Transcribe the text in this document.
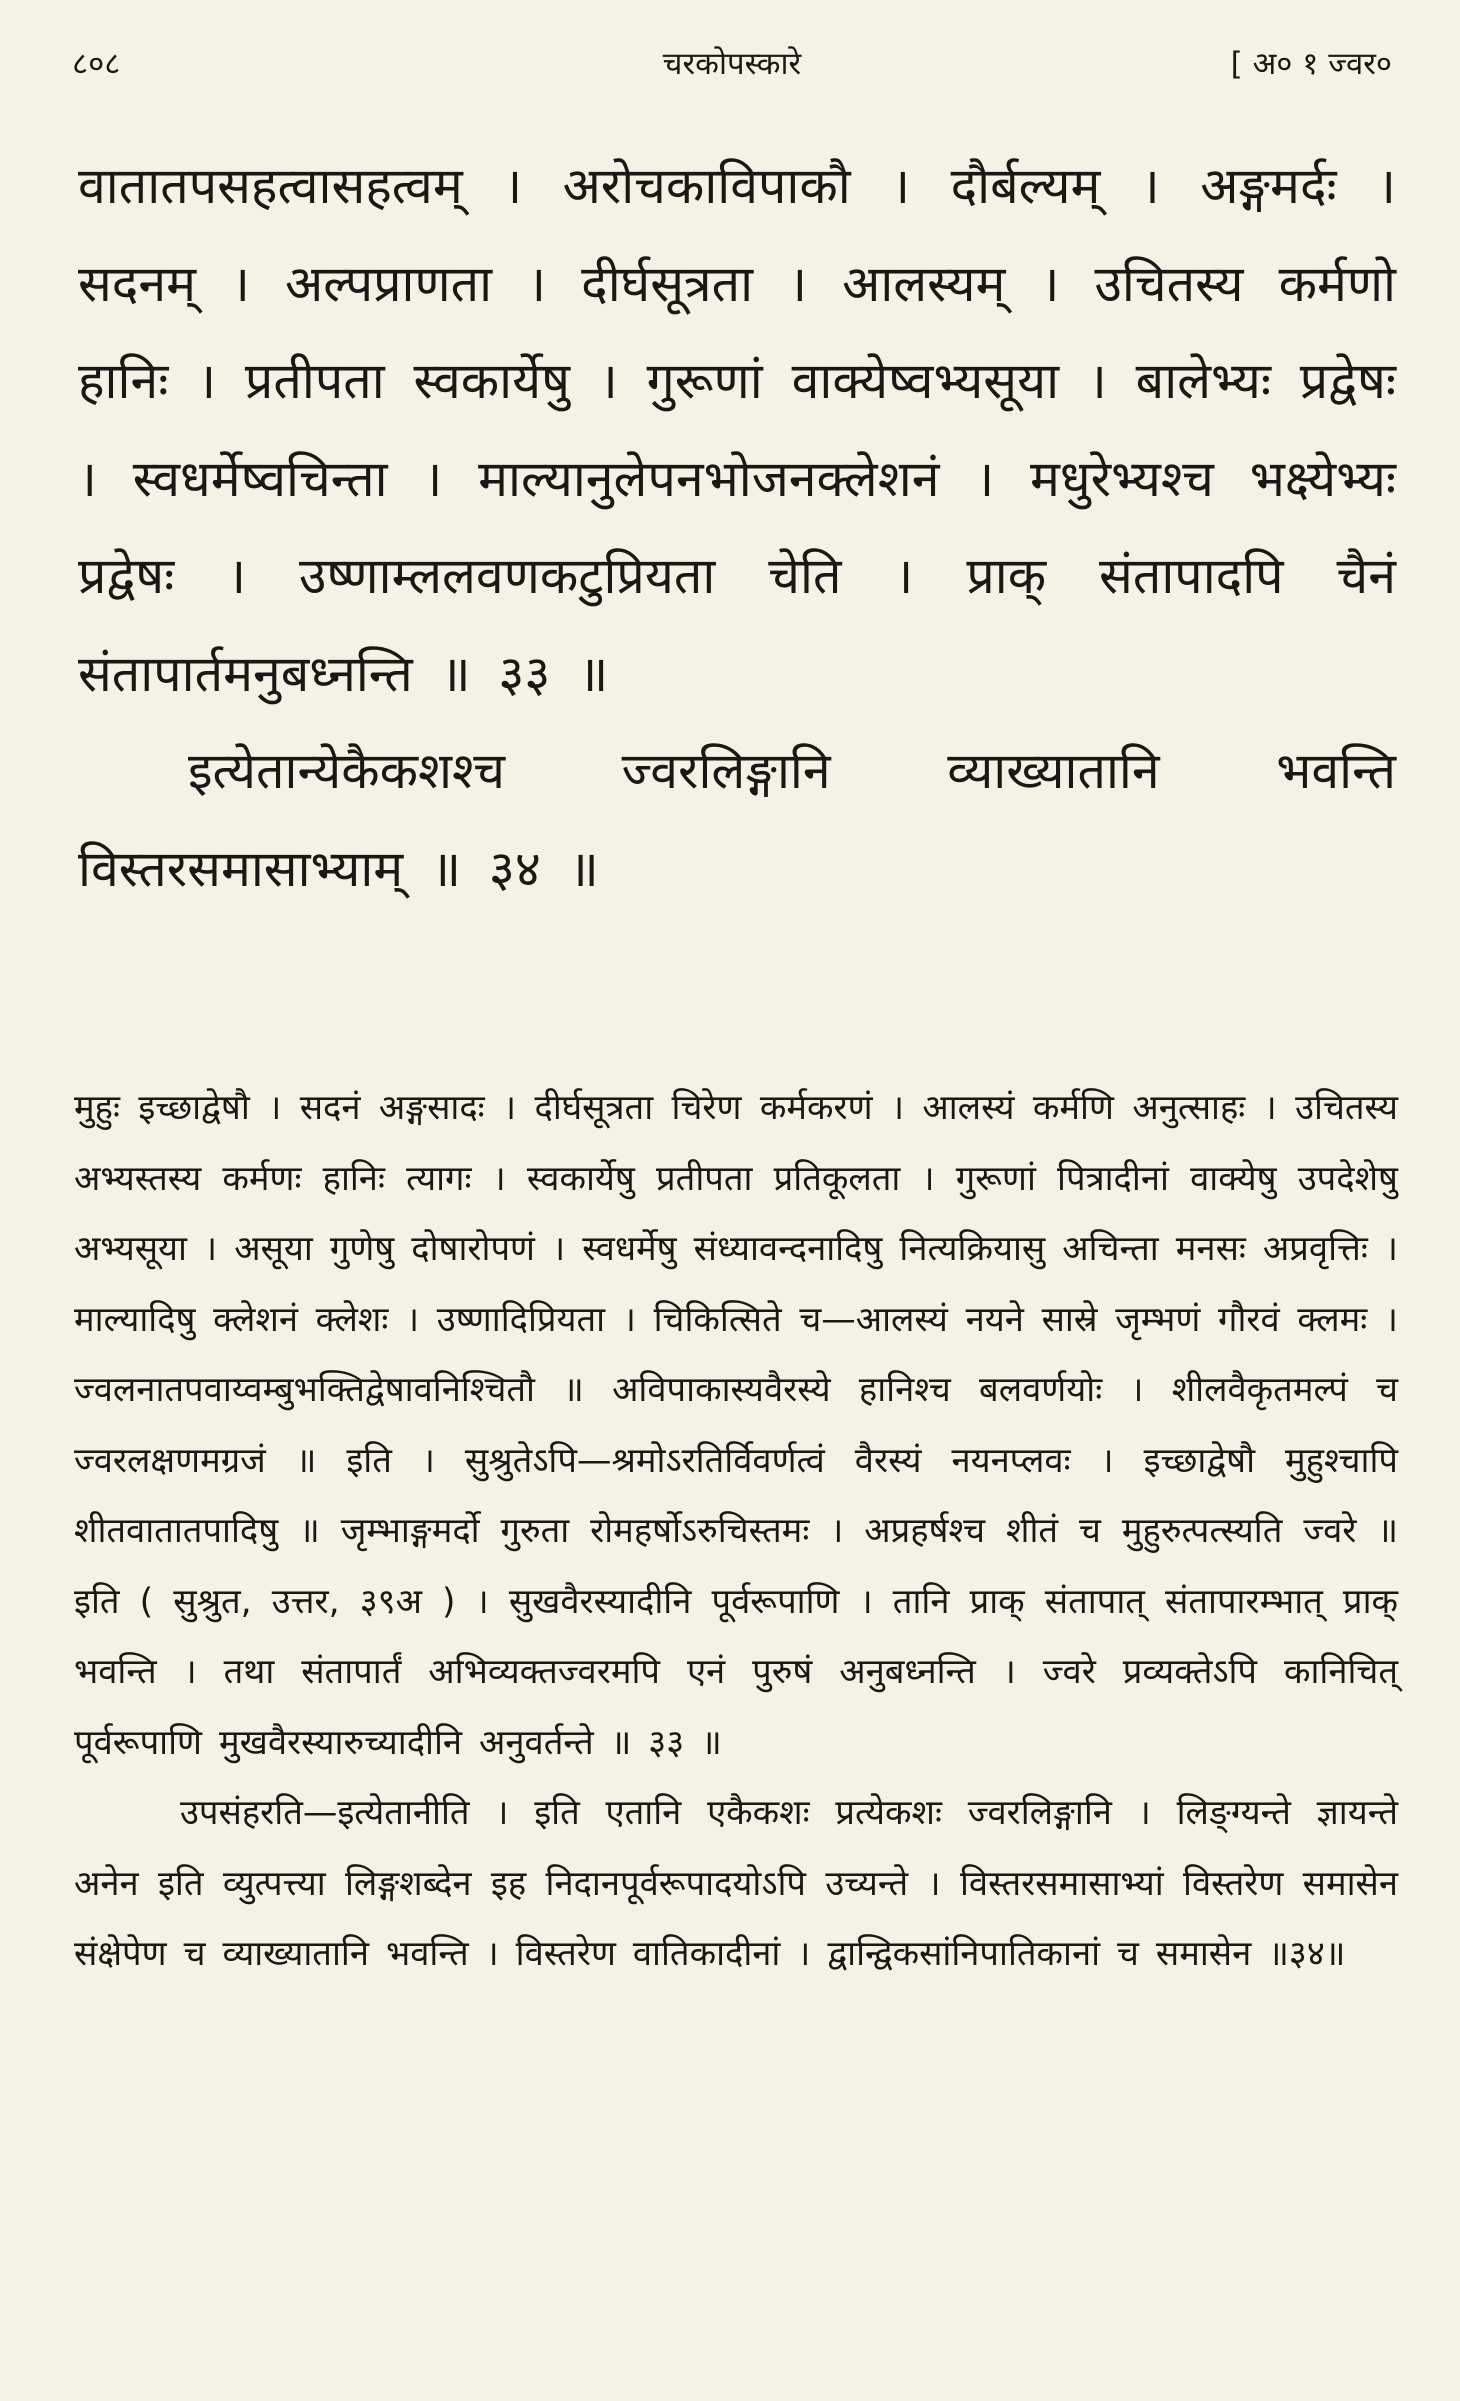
८०८	चरकोपस्कारे	[ अ० १ ज्वर०

वातातपसहत्वासहत्वम् । अरोचकाविपाकौ । दौर्बल्यम् । अङ्गमर्दः । सदनम् । अल्पप्राणता । दीर्घसूत्रता । आलस्यम् । उचितस्य कर्मणो हानिः । प्रतीपता स्वकार्येषु । गुरूणां वाक्येष्वभ्यसूया । बालेभ्यः प्रद्वेषः । स्वधर्मेष्वचिन्ता । माल्यानुलेपनभोजनक्लेशनं । मधुरेभ्यश्च भक्ष्येभ्यः प्रद्वेषः । उष्णाम्ललवणकटुप्रियता चेति । प्राक् संतापादपि चैनं संतापार्तमनुबध्नन्ति ॥ ३३ ॥

इत्येतान्येकैकशश्च ज्वरलिङ्गानि व्याख्यातानि भवन्ति विस्तरसमासाभ्याम् ॥ ३४ ॥

मुहुः इच्छाद्वेषौ । सदनं अङ्गसादः । दीर्घसूत्रता चिरेण कर्मकरणं । आलस्यं कर्मणि अनुत्साहः । उचितस्य अभ्यस्तस्य कर्मणः हानिः त्यागः । स्वकार्येषु प्रतीपता प्रतिकूलता । गुरूणां पित्रादीनां वाक्येषु उपदेशेषु अभ्यसूया । असूया गुणेषु दोषारोपणं । स्वधर्मेषु संध्यावन्दनादिषु नित्यक्रियासु अचिन्ता मनसः अप्रवृत्तिः । माल्यादिषु क्लेशनं क्लेशः । उष्णादिप्रियता । चिकित्सिते च—आलस्यं नयने सास्रे जृम्भणं गौरवं क्लमः । ज्वलनातपवाय्वम्बुभक्तिद्वेषावनिश्चितौ ॥ अविपाकास्यवैरस्ये हानिश्च बलवर्णयोः । शीलवैकृतमल्पं च ज्वरलक्षणमग्रजं ॥ इति । सुश्रुतेऽपि—श्रमोऽरतिर्विवर्णत्वं वैरस्यं नयनप्लवः । इच्छाद्वेषौ मुहुश्चापि शीतवातातपादिषु ॥ जृम्भाङ्गमर्दो गुरुता रोमहर्षोऽरुचिस्तमः । अप्रहर्षश्च शीतं च मुहुरुत्पत्स्यति ज्वरे ॥ इति ( सुश्रुत, उत्तर, ३९अ ) । सुखवैरस्यादीनि पूर्वरूपाणि । तानि प्राक् संतापात् संतापारम्भात् प्राक् भवन्ति । तथा संतापार्तं अभिव्यक्तज्वरमपि एनं पुरुषं अनुबध्नन्ति । ज्वरे प्रव्यक्तेऽपि कानिचित् पूर्वरूपाणि मुखवैरस्यारुच्यादीनि अनुवर्तन्ते ॥ ३३ ॥

उपसंहरति—इत्येतानीति । इति एतानि एकैकशः प्रत्येकशः ज्वरलिङ्गानि । लिङ्ग्यन्ते ज्ञायन्ते अनेन इति व्युत्पत्त्या लिङ्गशब्देन इह निदानपूर्वरूपादयोऽपि उच्यन्ते । विस्तरसमासाभ्यां विस्तरेण समासेन संक्षेपेण च व्याख्यातानि भवन्ति । विस्तरेण वातिकादीनां । द्वान्द्विकसांनिपातिकानां च समासेन ॥३४॥
